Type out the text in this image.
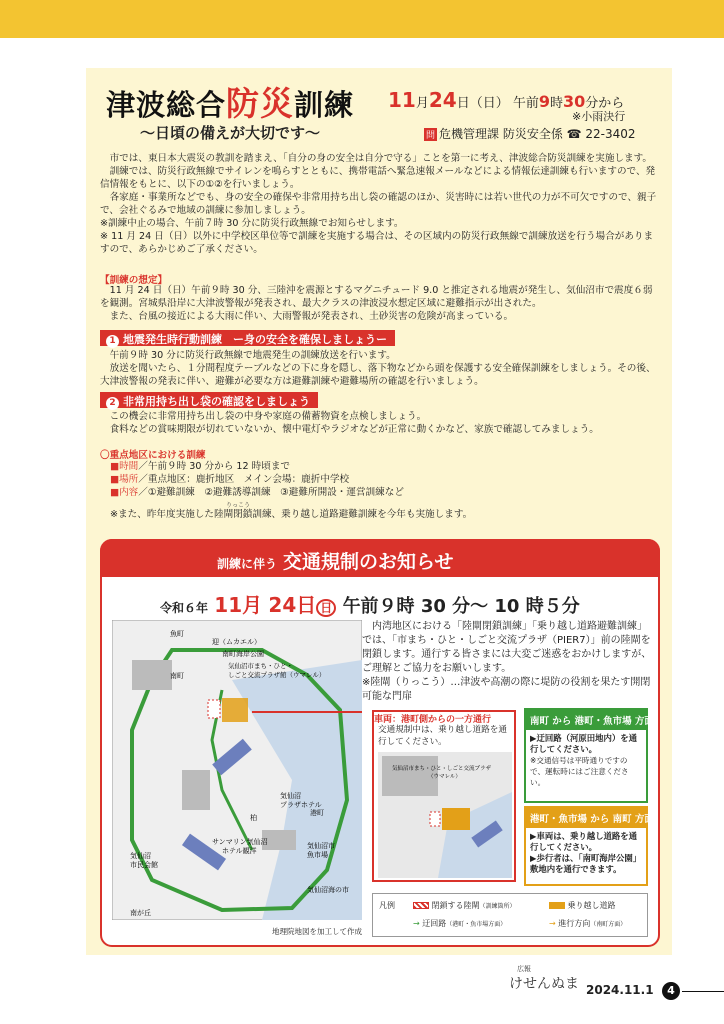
津波総合防災訓練
～日頃の備えが大切です～
11月24日（日） 午前9時30分から
※小雨決行
問 危機管理課 防災安全係 ☎ 22-3402
　市では、東日本大震災の教訓を踏まえ、「自分の身の安全は自分で守る」ことを第一に考え、津波総合防災訓練を実施します。
　訓練では、防災行政無線でサイレンを鳴らすとともに、携帯電話へ緊急速報メールなどによる情報伝達訓練も行いますので、発信情報をもとに、以下の①②を行いましょう。
　各家庭・事業所などでも、身の安全の確保や非常用持ち出し袋の確認のほか、災害時には若い世代の力が不可欠ですので、親子で、会社ぐるみで地域の訓練に参加しましょう。
※訓練中止の場合、午前７時 30 分に防災行政無線でお知らせします。
※ 11 月 24 日（日）以外に中学校区単位等で訓練を実施する場合は、その区域内の防災行政無線で訓練放送を行う場合がありますので、あらかじめご了承ください。
【訓練の想定】
　11 月 24 日（日）午前９時 30 分、三陸沖を震源とするマグニチュード 9.0 と推定される地震が発生し、気仙沼市で震度６弱を観測。宮城県沿岸に大津波警報が発表され、最大クラスの津波浸水想定区域に避難指示が出された。
　また、台風の接近による大雨に伴い、大雨警報が発表され、土砂災害の危険が高まっている。
1 地震発生時行動訓練　ー身の安全を確保しましょうー
　午前９時 30 分に防災行政無線で地震発生の訓練放送を行います。
　放送を聞いたら、１分間程度テーブルなどの下に身を隠し、落下物などから頭を保護する安全確保訓練をしましょう。その後、大津波警報の発表に伴い、避難が必要な方は避難訓練や避難場所の確認を行いましょう。
2 非常用持ち出し袋の確認をしましょう
　この機会に非常用持ち出し袋の中身や家庭の備蓄物資を点検しましょう。
　食料などの賞味期限が切れていないか、懐中電灯やラジオなどが正常に動くかなど、家族で確認してみましょう。
〇重点地区における訓練
■時間／午前９時 30 分から 12 時頃まで
■場所／重点地区：鹿折地区　メイン会場：鹿折中学校
■内容／①避難訓練　②避難誘導訓練　③避難所開設・運営訓練など
りっこう
※また、昨年度実施した陸閘閉鎖訓練、乗り越し道路避難訓練を今年も実施します。
訓練に伴う 交通規制のお知らせ
令和６年 11月 24日 日 午前９時 30 分～ 10 時５分
魚町
迎（ムカエル）
南町海岸公園
気仙沼市まち・ひと・
しごと交流プラザ館（ウマレル）
南町
気仙沼
プラザホテル
柏
サンマリン気仙沼
ホテル観洋
港町
気仙沼市
魚市場
気仙沼
市民会館
気仙沼海の市
南が丘
地理院地図を加工して作成
　内湾地区における「陸閘閉鎖訓練」「乗り越し道路避難訓練」では、「市まち・ひと・しごと交流プラザ（PIER7）」前の陸閘を閉鎖します。通行する皆さまには大変ご迷惑をおかけしますが、ご理解とご協力をお願いします。
※陸閘（りっこう）…津波や高潮の際に堤防の役割を果たす開閉可能な門扉
車両：港町側からの一方通行
交通規制中は、乗り越し道路を通行してください。
気仙沼市まち・ひと・しごと交流プラザ
（ウマレル）
南町 から 港町・魚市場 方面
▶迂回路（河原田地内）を通行してください。
※交通信号は平時通りですので、運転時にはご注意ください。
港町・魚市場 から 南町 方面
▶車両は、乗り越し道路を通行してください。
▶歩行者は、「南町海岸公園」敷地内を通行できます。
凡例	閉鎖する陸閘（訓練箇所）	乗り越し道路
→ 迂回路（港町・魚市場方面）	→ 進行方向（南町方面）
広報
けせんぬま 2024.11.1	4
